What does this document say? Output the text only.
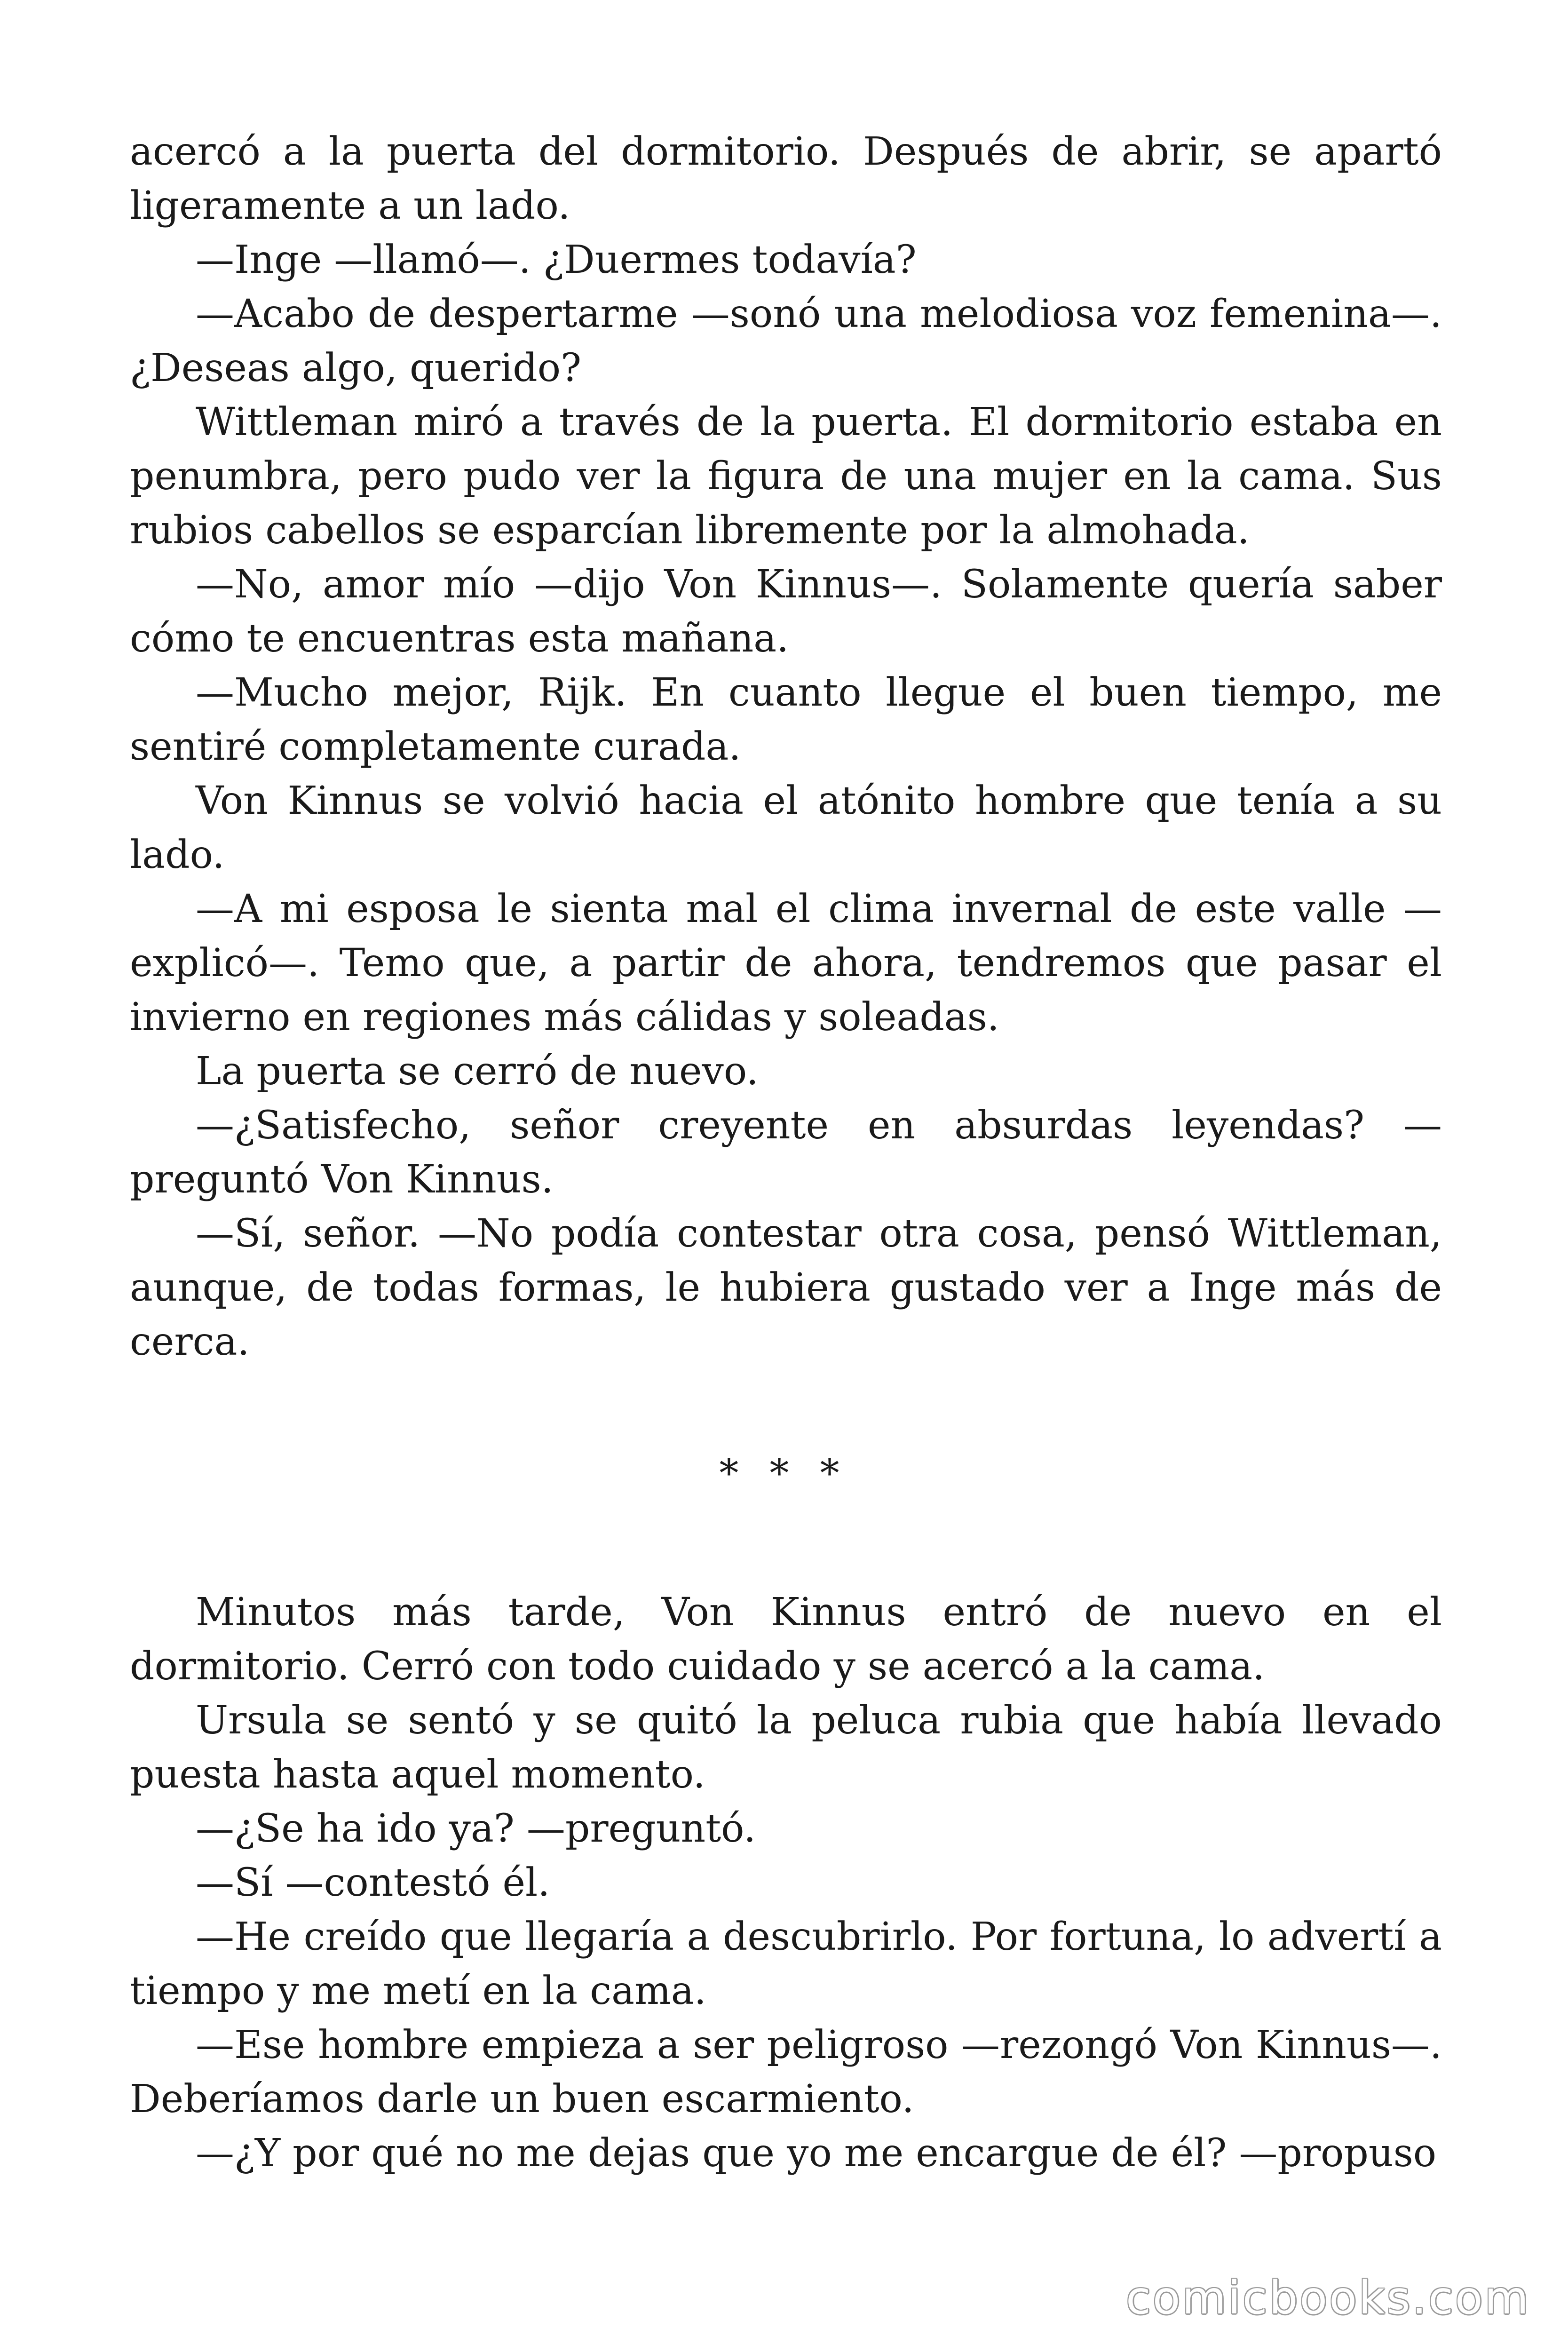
acercó a la puerta del dormitorio. Después de abrir, se apartó ligeramente a un lado.

—Inge —llamó—. ¿Duermes todavía?

—Acabo de despertarme —sonó una melodiosa voz femenina—. ¿Deseas algo, querido?

Wittleman miró a través de la puerta. El dormitorio estaba en penumbra, pero pudo ver la figura de una mujer en la cama. Sus rubios cabellos se esparcían libremente por la almohada.

—No, amor mío —dijo Von Kinnus—. Solamente quería saber cómo te encuentras esta mañana.

—Mucho mejor, Rijk. En cuanto llegue el buen tiempo, me sentiré completamente curada.

Von Kinnus se volvió hacia el atónito hombre que tenía a su lado.

—A mi esposa le sienta mal el clima invernal de este valle —explicó—. Temo que, a partir de ahora, tendremos que pasar el invierno en regiones más cálidas y soleadas.

La puerta se cerró de nuevo.

—¿Satisfecho, señor creyente en absurdas leyendas? —preguntó Von Kinnus.

—Sí, señor. —No podía contestar otra cosa, pensó Wittleman, aunque, de todas formas, le hubiera gustado ver a Inge más de cerca.

* * *

Minutos más tarde, Von Kinnus entró de nuevo en el dormitorio. Cerró con todo cuidado y se acercó a la cama.

Ursula se sentó y se quitó la peluca rubia que había llevado puesta hasta aquel momento.

—¿Se ha ido ya? —preguntó.

—Sí —contestó él.

—He creído que llegaría a descubrirlo. Por fortuna, lo advertí a tiempo y me metí en la cama.

—Ese hombre empieza a ser peligroso —rezongó Von Kinnus—. Deberíamos darle un buen escarmiento.

—¿Y por qué no me dejas que yo me encargue de él? —propuso

comicbooks.com
